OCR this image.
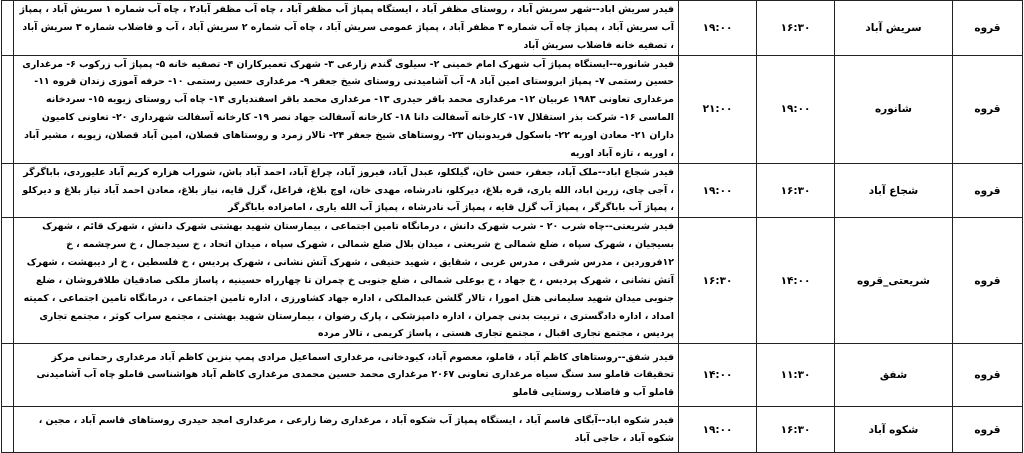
قروه	سریش آباد	۱۶:۳۰	۱۹:۰۰	فیدر سریش اباد--شهر سریش آباد ، روستای مظفر آباد ، ایستگاه پمپاژ آب مظفر آباد ، چاه آب مظفر آباد۲ ، چاه آب شماره ۱ سریش آباد ، پمپاژ آب سریش آباد ، پمپاژ چاه آب شماره ۳ مظفر آباد ، پمپاژ عمومی سریش آباد ، چاه آب شماره ۲ سریش آباد ، آب و فاضلاب شماره ۳ سریش آباد ، تصفیه خانه فاضلاب سریش آباد	
قروه	شانوره	۱۹:۰۰	۲۱:۰۰	فیدر شانوره--ایستگاه پمپاژ آب شهرک امام خمینی ۲- سیلوی گندم زارعی ۳- شهرک تعمیرکاران ۴- تصفیه خانه ۵- پمپاژ آب زرکوب ۶- مرغداری حسین رستمی ۷- پمپاژ ابروستای امین آباد ۸- آب آشامیدنی روستای شیخ جعفر ۹- مرغداری حسین رستمی ۱۰- حرفه آموزی زندان قروه ۱۱- مرغداری تعاونی ۱۹۸۳ عربیان ۱۲- مرغداری محمد باقر حیدری ۱۳- مرغداری محمد باقر اسفندیاری ۱۴- چاه آب روستای زیویه ۱۵- سردخانه الماسی ۱۶- شرکت بذر استقلال ۱۷- کارخانه آسفالت دانا ۱۸- کارخانه آسفالت جهاد نصر ۱۹- کارخانه آسفالت شهرداری ۲۰- تعاونی کامیون داران ۲۱- معادن اوریه ۲۲- باسکول فریدونیان ۲۳- روستاهای شیخ جعفر ۲۴- تالار زمرد و روستاهای قصلان، امین آباد قصلان، زیویه ، مشیر آباد ، اوریه ، تازه آباد اوریه	
قروه	شجاع آباد	۱۶:۳۰	۱۹:۰۰	فیدر شجاع اباد--ملک آباد، جعفر، حسن خان، گیلکلو، عبدل آباد، فیروز آباد، چراغ آباد، احمد آباد باش، شوراب هزاره کریم آباد علیوردی، باباگرگر ، آجی چای، زرین اباد، الله یاری، قره بلاغ، دیرکلو، نادرشاه، مهدی خان، اوچ بلاغ، قراغل، گزل قایه، نیاز بلاغ، معادن احمد آباد نیاز بلاغ و دیرکلو ، پمپاژ آب باباگرگر ، پمپاژ آب گزل قایه ، پمپاژ آب نادرشاه ، پمپاژ آب الله یاری ، امامزاده باباگرگر	
قروه	شریعتی_قروه	۱۴:۰۰	۱۶:۳۰	فیدر شریعتی--چاه شرب ۲۰ - شرب شهرک دانش ، درمانگاه تامین اجتماعی ، بیمارستان شهید بهشتی شهرک دانش ، شهرک قائم ، شهرک بسیجیان ، شهرک سپاه ، ضلع شمالی خ شریعتی ، میدان بلال ضلع شمالی ، شهرک سپاه ، میدان اتحاد ، خ سیدجمال ، خ سرچشمه ، خ ۱۲فروردین ، مدرس شرقی ، مدرس غربی ، شقایق ، شهید حنیفی ، شهرک آتش نشانی ، شهرک پردیس ، خ فلسطین ، خ ار دیبهشت ، شهرک آتش نشانی ، شهرک پردیس ، خ جهاد ، خ بوعلی شمالی ، ضلع جنوبی خ چمران تا چهارراه حسینیه ، پاساژ ملکی صادقیان طلافروشان ، ضلع جنوبی میدان شهید سلیمانی هتل امورا ، تالار گلشن عبدالملکی ، اداره جهاد کشاورزی ، اداره تامین اجتماعی ، درمانگاه تامین اجتماعی ، کمیته امداد ، اداره دادگستری ، تربیت بدنی چمران ، اداره دامپزشکی ، پارک رضوان ، بیمارستان شهید بهشتی ، مجتمع سراب کوثر ، مجتمع تجاری پردیس ، مجتمع تجاری اقبال ، مجتمع تجاری هستی ، پاساژ کریمی ، تالار مرده	
قروه	شفق	۱۱:۳۰	۱۴:۰۰	فیدر شفق--روستاهای کاظم آباد ، قاملو، معصوم آباد، کیودخانی، مرغداری اسماعیل مرادی پمپ بنزین کاظم آباد مرغداری رحمانی مرکز تحقیقات قاملو سد سنگ سیاه مرغداری تعاونی ۲۰۶۷ مرغداری محمد حسین محمدی مرغداری کاظم آباد هواشناسی قاملو چاه آب آشامیدنی قاملو آب و فاضلاب روستایی قاملو	
قروه	شکوه آباد	۱۶:۳۰	۱۹:۰۰	فیدر شکوه اباد--آبگای قاسم آباد ، ایستگاه پمپاژ آب شکوه آباد ، مرغداری رضا زارعی ، مرغداری امجد حیدری روستاهای قاسم آباد ، مجین ، شکوه آباد ، حاجی آباد	
